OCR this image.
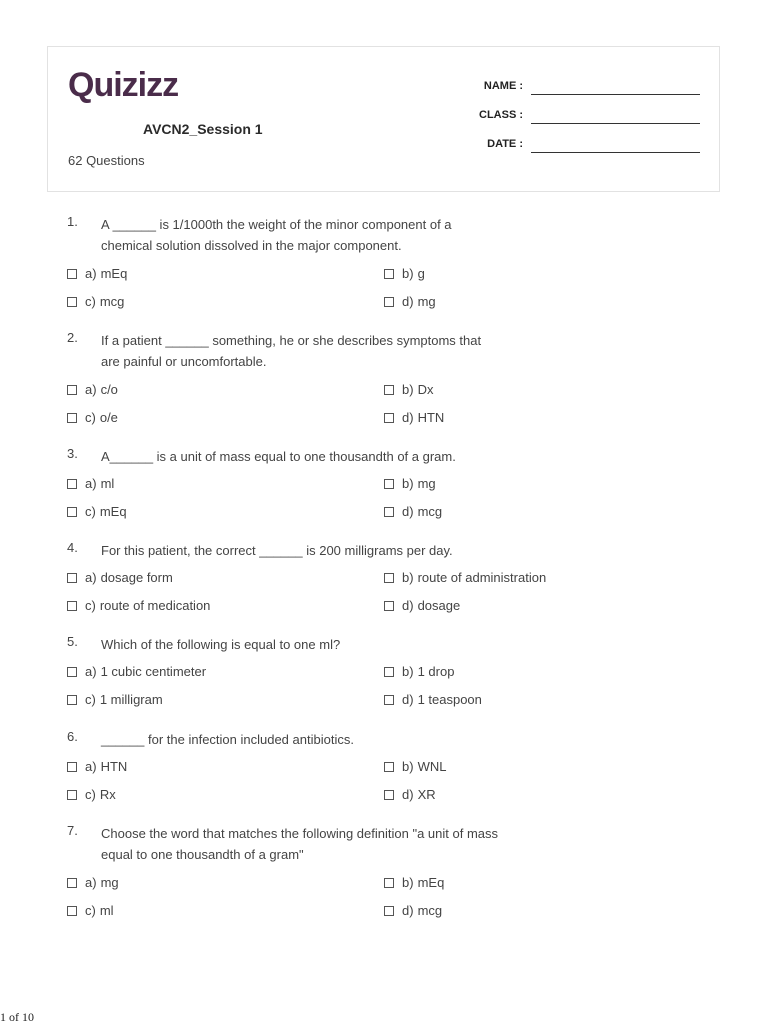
Quizizz
AVCN2_Session 1
62 Questions
NAME :
CLASS :
DATE :
1. A ______ is 1/1000th the weight of the minor component of a chemical solution dissolved in the major component.
a) mEq	b) g
c) mcg	d) mg
2. If a patient ______ something, he or she describes symptoms that are painful or uncomfortable.
a) c/o	b) Dx
c) o/e	d) HTN
3. A______ is a unit of mass equal to one thousandth of a gram.
a) ml	b) mg
c) mEq	d) mcg
4. For this patient, the correct ______ is 200 milligrams per day.
a) dosage form	b) route of administration
c) route of medication	d) dosage
5. Which of the following is equal to one ml?
a) 1 cubic centimeter	b) 1 drop
c) 1 milligram	d) 1 teaspoon
6. ______ for the infection included antibiotics.
a) HTN	b) WNL
c) Rx	d) XR
7. Choose the word that matches the following definition "a unit of mass equal to one thousandth of a gram"
a) mg	b) mEq
c) ml	d) mcg
1 of 10
